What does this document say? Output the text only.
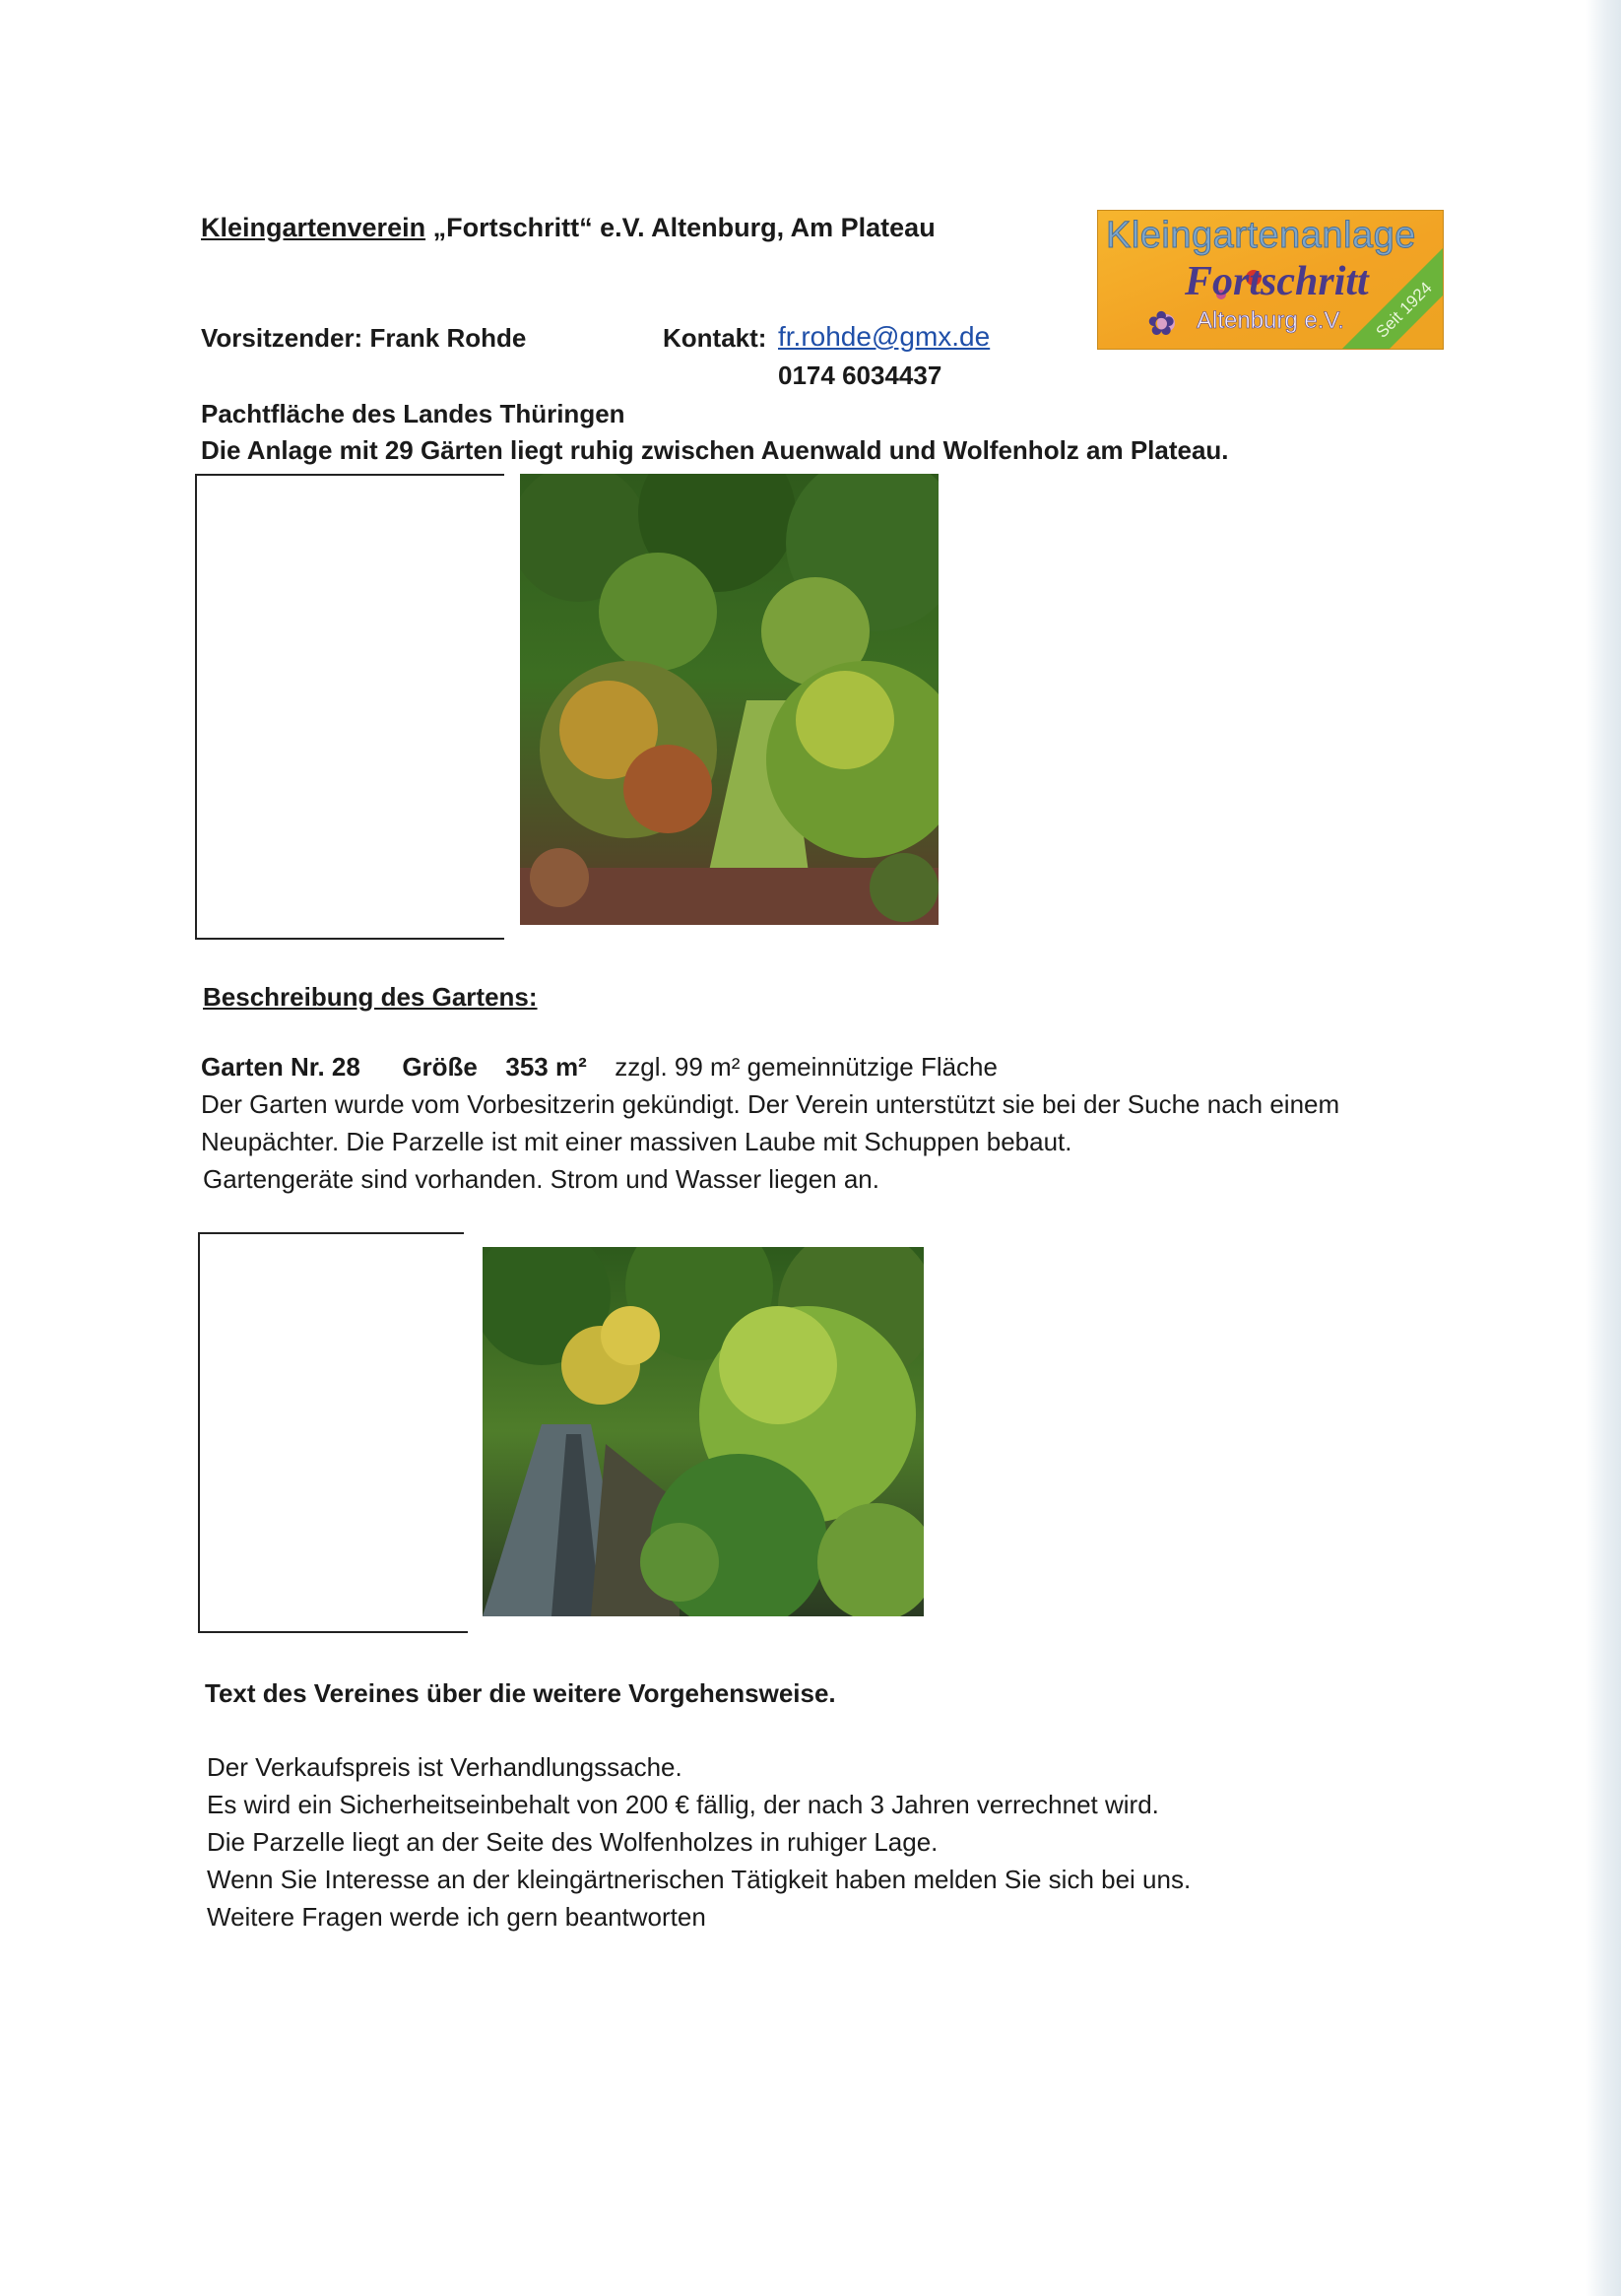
Kleingartenverein „Fortschritt“ e.V. Altenburg, Am Plateau
Vorsitzender: Frank Rohde	Kontakt: fr.rohde@gmx.de
0174 6034437
Pachtfläche des Landes Thüringen
Die Anlage mit 29 Gärten liegt ruhig zwischen Auenwald und Wolfenholz am Plateau.
Kleingartenanlage
Fortschritt
✿ Altenburg e.V.	Seit 1924
Beschreibung des Gartens:
Garten Nr. 28 Größe 353 m² zzgl. 99 m² gemeinnützige Fläche
Der Garten wurde vom Vorbesitzerin gekündigt. Der Verein unterstützt sie bei der Suche nach einem
Neupächter. Die Parzelle ist mit einer massiven Laube mit Schuppen bebaut.
Gartengeräte sind vorhanden. Strom und Wasser liegen an.
Text des Vereines über die weitere Vorgehensweise.
Der Verkaufspreis ist Verhandlungssache.
Es wird ein Sicherheitseinbehalt von 200 € fällig, der nach 3 Jahren verrechnet wird.
Die Parzelle liegt an der Seite des Wolfenholzes in ruhiger Lage.
Wenn Sie Interesse an der kleingärtnerischen Tätigkeit haben melden Sie sich bei uns.
Weitere Fragen werde ich gern beantworten
